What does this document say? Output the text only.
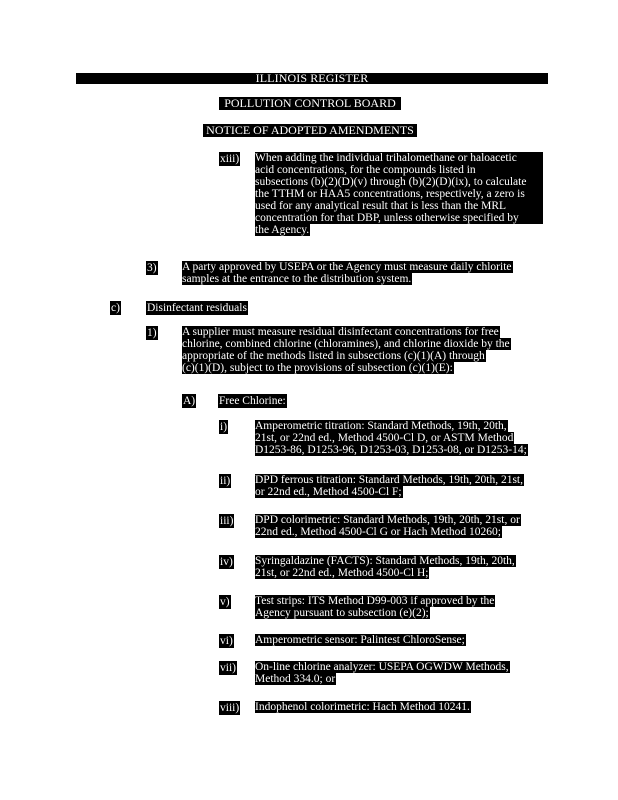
ILLINOIS REGISTER
POLLUTION CONTROL BOARD
NOTICE OF ADOPTED AMENDMENTS
xiii) When adding the individual trihalomethane or haloacetic
acid concentrations, for the compounds listed in
subsections (b)(2)(D)(v) through (b)(2)(D)(ix), to calculate
the TTHM or HAA5 concentrations, respectively, a zero is
used for any analytical result that is less than the MRL
concentration for that DBP, unless otherwise specified by
the Agency.
3) A party approved by USEPA or the Agency must measure daily chlorite
samples at the entrance to the distribution system.
c) Disinfectant residuals
1) A supplier must measure residual disinfectant concentrations for free
chlorine, combined chlorine (chloramines), and chlorine dioxide by the
appropriate of the methods listed in subsections (c)(1)(A) through
(c)(1)(D), subject to the provisions of subsection (c)(1)(E):
A) Free Chlorine:
i) Amperometric titration: Standard Methods, 19th, 20th,
21st, or 22nd ed., Method 4500-Cl D, or ASTM Method
D1253-86, D1253-96, D1253-03, D1253-08, or D1253-14;
ii) DPD ferrous titration: Standard Methods, 19th, 20th, 21st,
or 22nd ed., Method 4500-Cl F;
iii) DPD colorimetric: Standard Methods, 19th, 20th, 21st, or
22nd ed., Method 4500-Cl G or Hach Method 10260;
iv) Syringaldazine (FACTS): Standard Methods, 19th, 20th,
21st, or 22nd ed., Method 4500-Cl H;
v) Test strips: ITS Method D99-003 if approved by the
Agency pursuant to subsection (e)(2);
vi) Amperometric sensor: Palintest ChloroSense;
vii) On-line chlorine analyzer: USEPA OGWDW Methods,
Method 334.0; or
viii) Indophenol colorimetric: Hach Method 10241.
